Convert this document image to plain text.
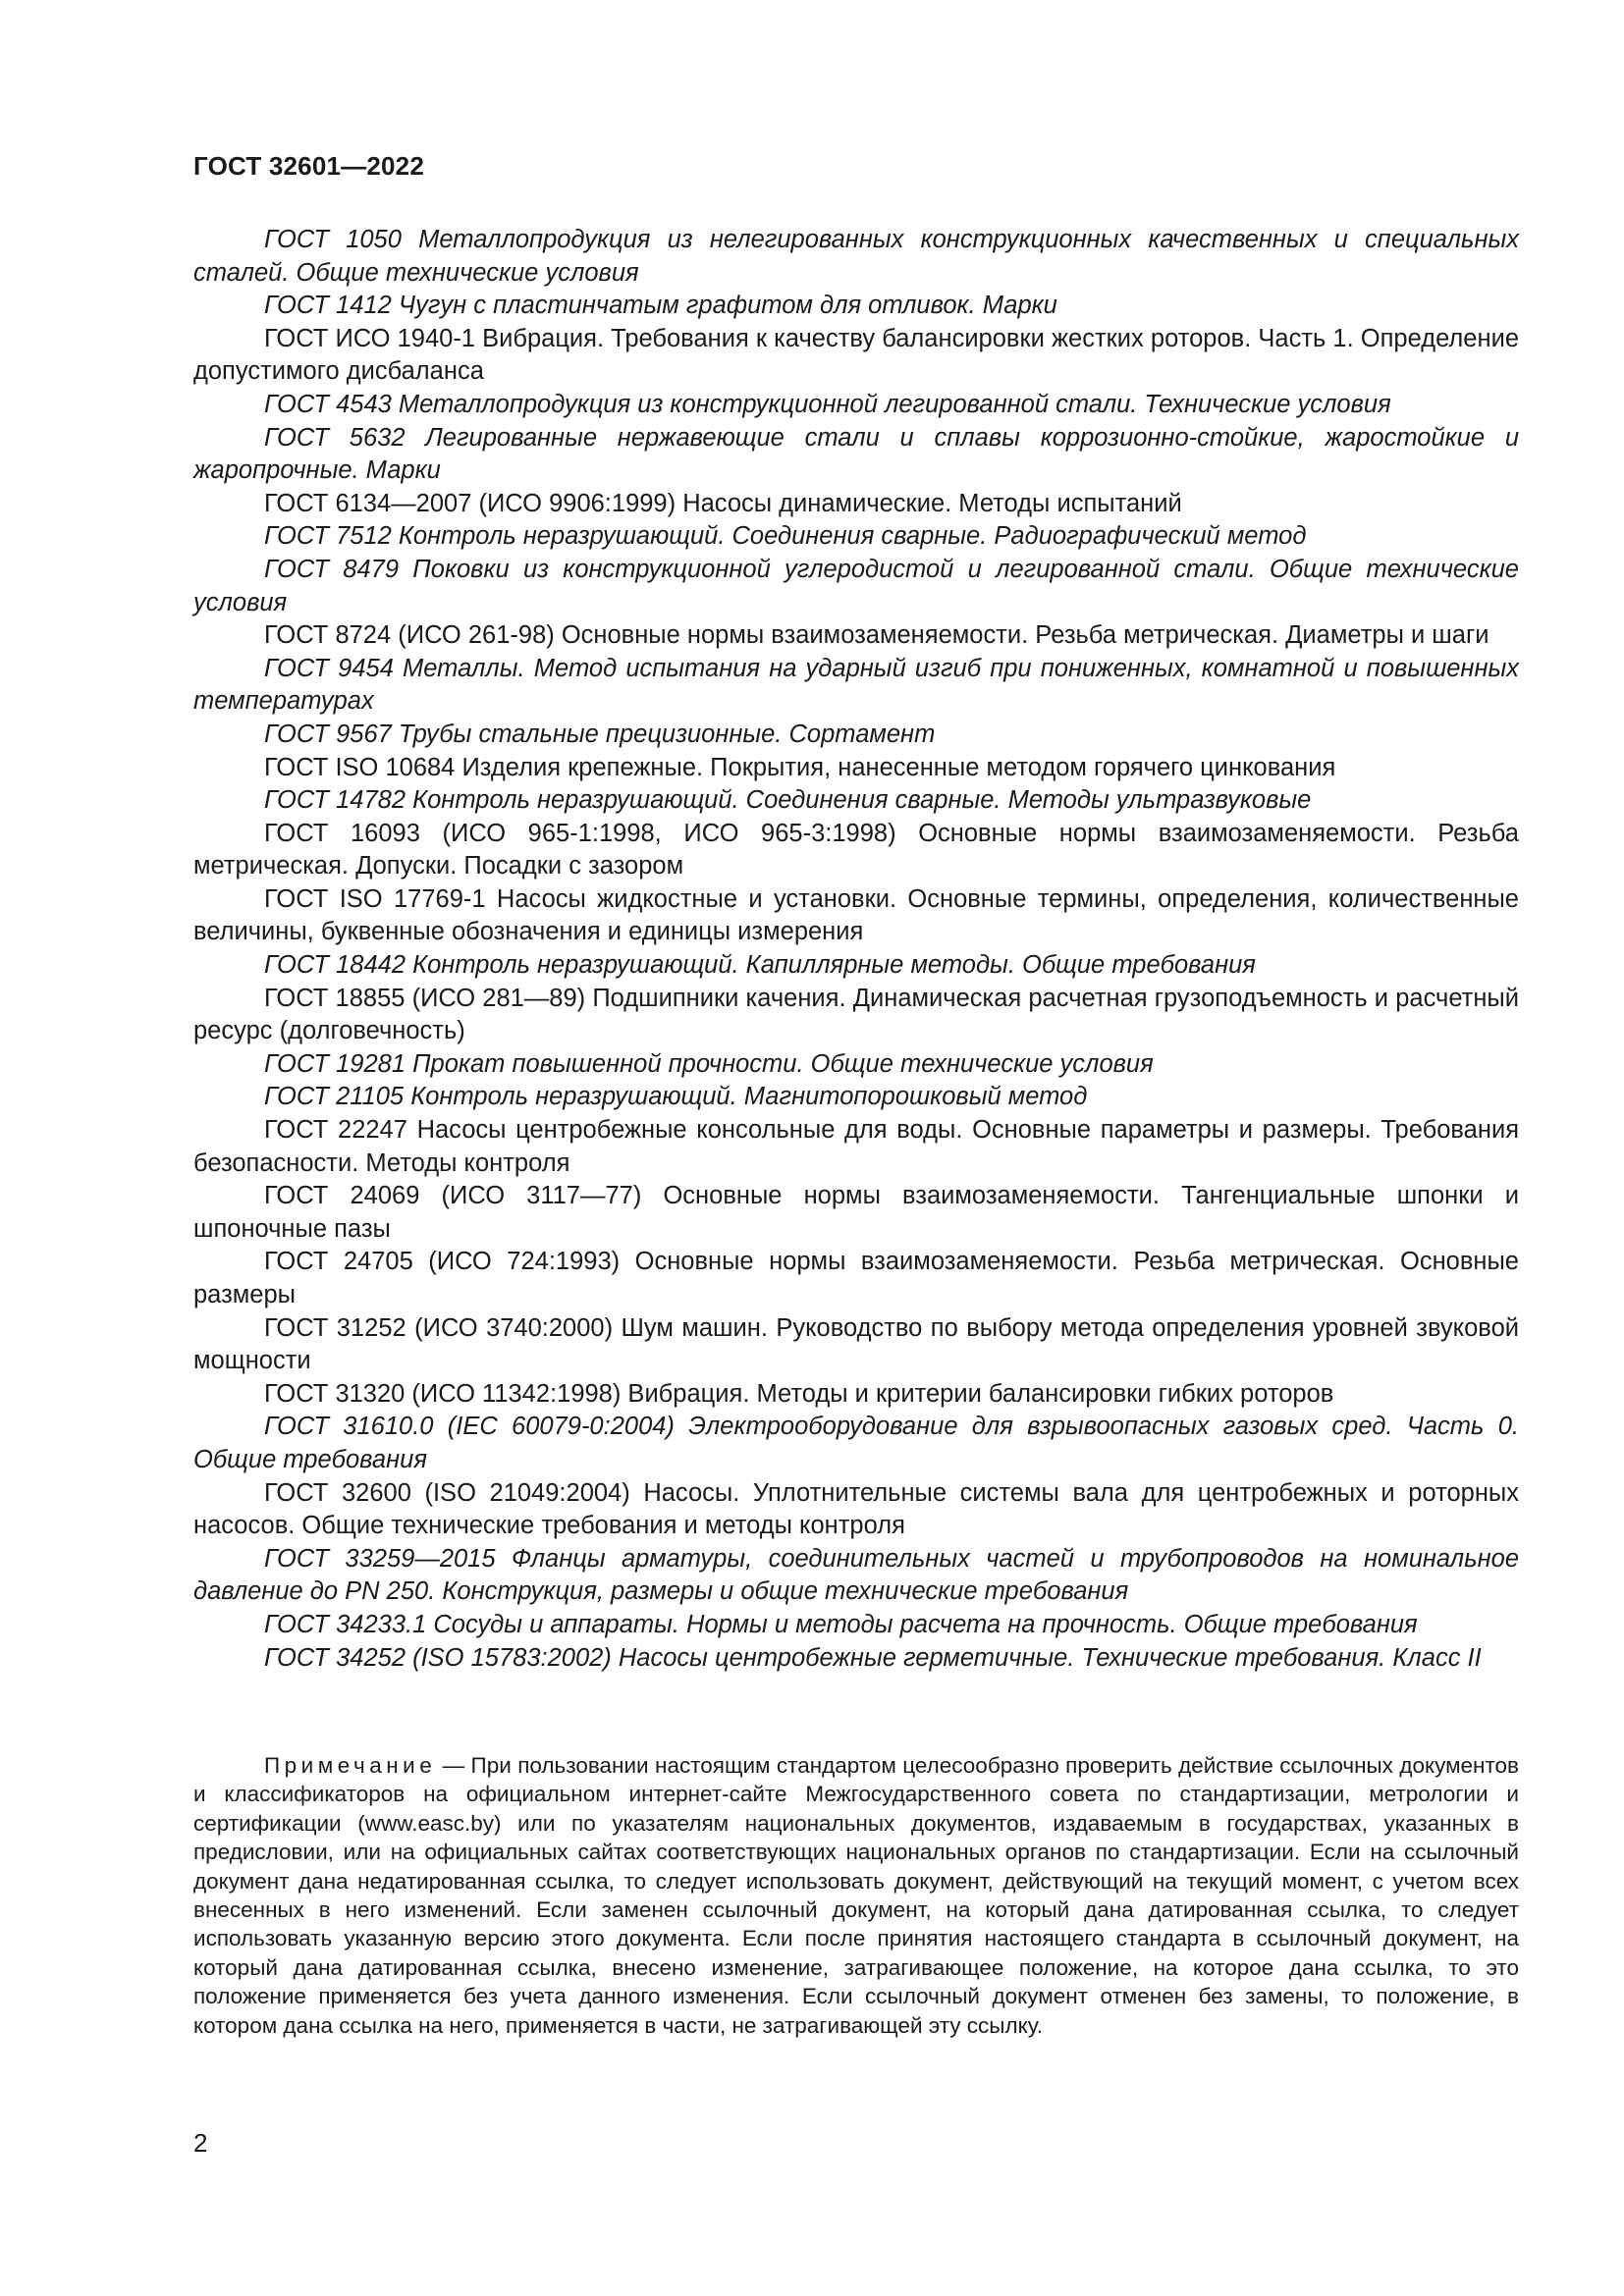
ГОСТ 32601—2022

ГОСТ 1050 Металлопродукция из нелегированных конструкционных качественных и специальных сталей. Общие технические условия

ГОСТ 1412 Чугун с пластинчатым графитом для отливок. Марки

ГОСТ ИСО 1940-1 Вибрация. Требования к качеству балансировки жестких роторов. Часть 1. Определение допустимого дисбаланса

ГОСТ 4543 Металлопродукция из конструкционной легированной стали. Технические условия

ГОСТ 5632 Легированные нержавеющие стали и сплавы коррозионно-стойкие, жаростойкие и жаропрочные. Марки

ГОСТ 6134—2007 (ИСО 9906:1999) Насосы динамические. Методы испытаний

ГОСТ 7512 Контроль неразрушающий. Соединения сварные. Радиографический метод

ГОСТ 8479 Поковки из конструкционной углеродистой и легированной стали. Общие технические условия

ГОСТ 8724 (ИСО 261-98) Основные нормы взаимозаменяемости. Резьба метрическая. Диаметры и шаги

ГОСТ 9454 Металлы. Метод испытания на ударный изгиб при пониженных, комнатной и повышенных температурах

ГОСТ 9567 Трубы стальные прецизионные. Сортамент

ГОСТ ISO 10684 Изделия крепежные. Покрытия, нанесенные методом горячего цинкования

ГОСТ 14782 Контроль неразрушающий. Соединения сварные. Методы ультразвуковые

ГОСТ 16093 (ИСО 965-1:1998, ИСО 965-3:1998) Основные нормы взаимозаменяемости. Резьба метрическая. Допуски. Посадки с зазором

ГОСТ ISO 17769-1 Насосы жидкостные и установки. Основные термины, определения, количественные величины, буквенные обозначения и единицы измерения

ГОСТ 18442 Контроль неразрушающий. Капиллярные методы. Общие требования

ГОСТ 18855 (ИСО 281—89) Подшипники качения. Динамическая расчетная грузоподъемность и расчетный ресурс (долговечность)

ГОСТ 19281 Прокат повышенной прочности. Общие технические условия

ГОСТ 21105 Контроль неразрушающий. Магнитопорошковый метод

ГОСТ 22247 Насосы центробежные консольные для воды. Основные параметры и размеры. Требования безопасности. Методы контроля

ГОСТ 24069 (ИСО 3117—77) Основные нормы взаимозаменяемости. Тангенциальные шпонки и шпоночные пазы

ГОСТ 24705 (ИСО 724:1993) Основные нормы взаимозаменяемости. Резьба метрическая. Основные размеры

ГОСТ 31252 (ИСО 3740:2000) Шум машин. Руководство по выбору метода определения уровней звуковой мощности

ГОСТ 31320 (ИСО 11342:1998) Вибрация. Методы и критерии балансировки гибких роторов

ГОСТ 31610.0 (IEC 60079-0:2004) Электрооборудование для взрывоопасных газовых сред. Часть 0. Общие требования

ГОСТ 32600 (ISO 21049:2004) Насосы. Уплотнительные системы вала для центробежных и роторных насосов. Общие технические требования и методы контроля

ГОСТ 33259—2015 Фланцы арматуры, соединительных частей и трубопроводов на номинальное давление до PN 250. Конструкция, размеры и общие технические требования

ГОСТ 34233.1 Сосуды и аппараты. Нормы и методы расчета на прочность. Общие требования

ГОСТ 34252 (ISO 15783:2002) Насосы центробежные герметичные. Технические требования. Класс II

Примечание — При пользовании настоящим стандартом целесообразно проверить действие ссылочных документов и классификаторов на официальном интернет-сайте Межгосударственного совета по стандартизации, метрологии и сертификации (www.easc.by) или по указателям национальных документов, издаваемым в государствах, указанных в предисловии, или на официальных сайтах соответствующих национальных органов по стандартизации. Если на ссылочный документ дана недатированная ссылка, то следует использовать документ, действующий на текущий момент, с учетом всех внесенных в него изменений. Если заменен ссылочный документ, на который дана датированная ссылка, то следует использовать указанную версию этого документа. Если после принятия настоящего стандарта в ссылочный документ, на который дана датированная ссылка, внесено изменение, затрагивающее положение, на которое дана ссылка, то это положение применяется без учета данного изменения. Если ссылочный документ отменен без замены, то положение, в котором дана ссылка на него, применяется в части, не затрагивающей эту ссылку.

2
